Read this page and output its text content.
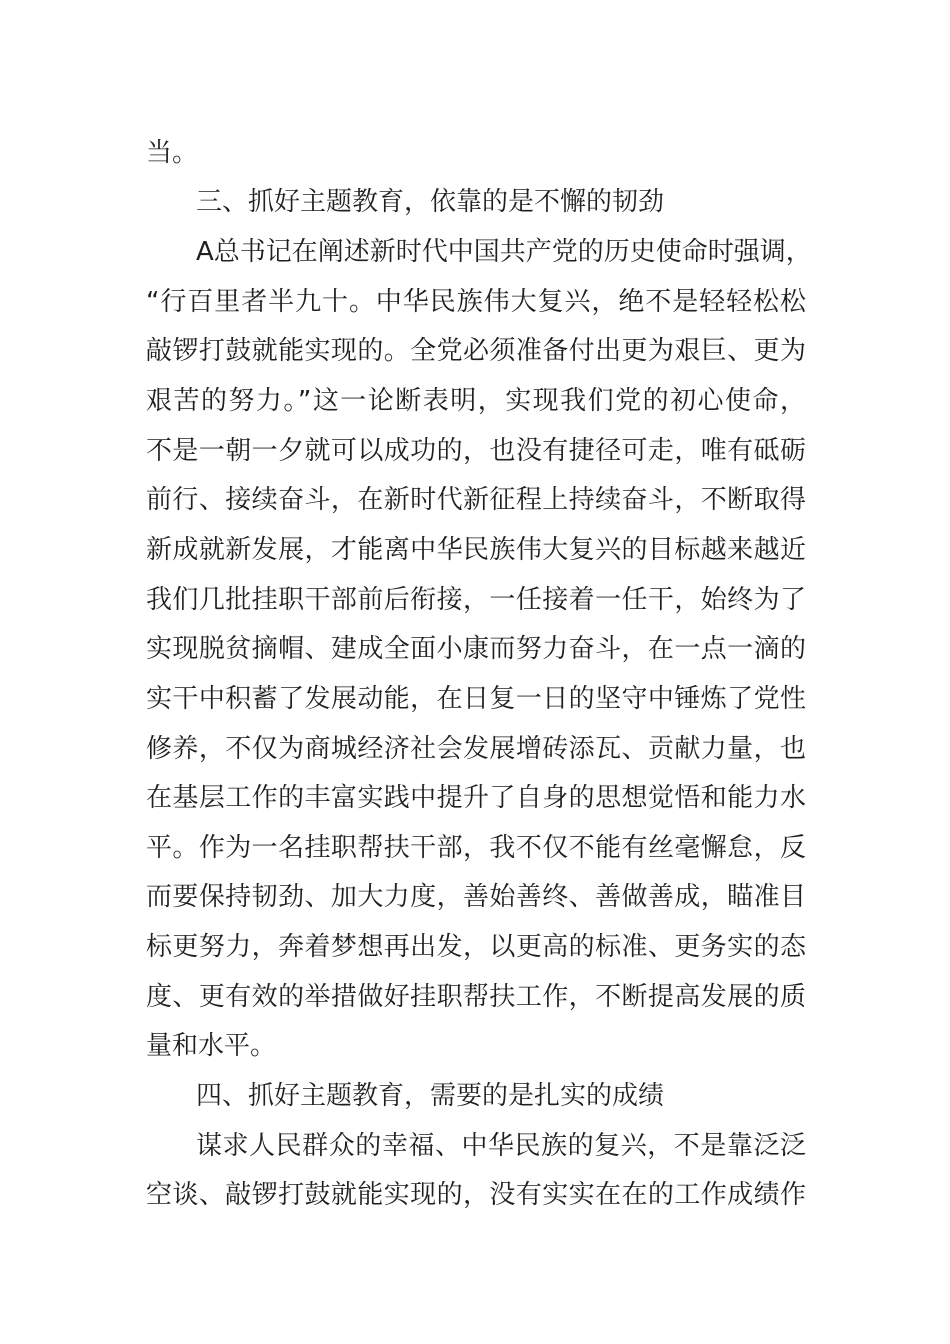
当。
三、抓好主题教育，依靠的是不懈的韧劲
A总书记在阐述新时代中国共产党的历史使命时强调，
“行百里者半九十。中华民族伟大复兴，绝不是轻轻松松
敲锣打鼓就能实现的。全党必须准备付出更为艰巨、更为
艰苦的努力。”这一论断表明，实现我们党的初心使命，
不是一朝一夕就可以成功的，也没有捷径可走，唯有砥砺
前行、接续奋斗，在新时代新征程上持续奋斗，不断取得
新成就新发展，才能离中华民族伟大复兴的目标越来越近
我们几批挂职干部前后衔接，一任接着一任干，始终为了
实现脱贫摘帽、建成全面小康而努力奋斗，在一点一滴的
实干中积蓄了发展动能，在日复一日的坚守中锤炼了党性
修养，不仅为商城经济社会发展增砖添瓦、贡献力量，也
在基层工作的丰富实践中提升了自身的思想觉悟和能力水
平。作为一名挂职帮扶干部，我不仅不能有丝毫懈怠，反
而要保持韧劲、加大力度，善始善终、善做善成，瞄准目
标更努力，奔着梦想再出发，以更高的标准、更务实的态
度、更有效的举措做好挂职帮扶工作，不断提高发展的质
量和水平。
四、抓好主题教育，需要的是扎实的成绩
谋求人民群众的幸福、中华民族的复兴，不是靠泛泛
空谈、敲锣打鼓就能实现的，没有实实在在的工作成绩作
